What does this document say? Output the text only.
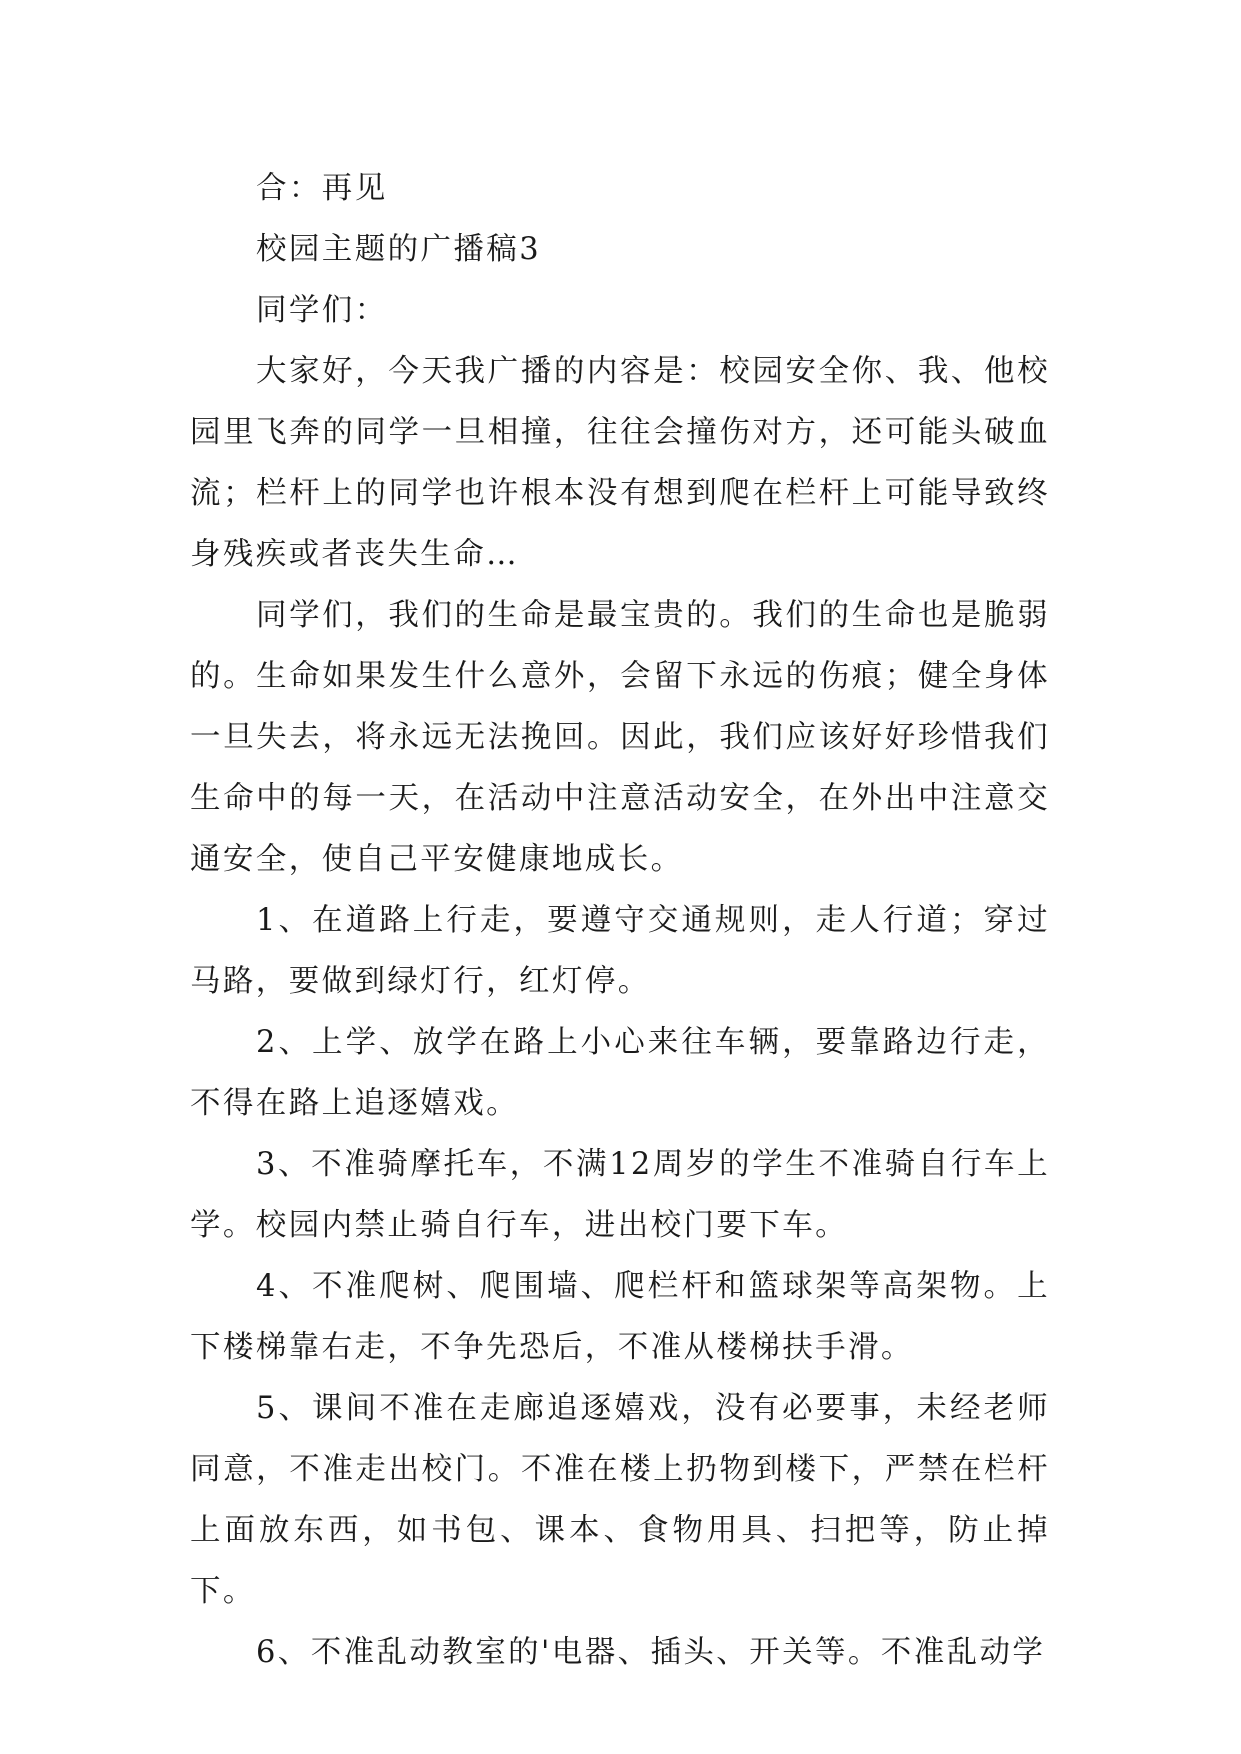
合：再见

校园主题的广播稿3

同学们：

大家好，今天我广播的内容是：校园安全你、我、他校园里飞奔的同学一旦相撞，往往会撞伤对方，还可能头破血流；栏杆上的同学也许根本没有想到爬在栏杆上可能导致终身残疾或者丧失生命…

同学们，我们的生命是最宝贵的。我们的生命也是脆弱的。生命如果发生什么意外，会留下永远的伤痕；健全身体一旦失去，将永远无法挽回。因此，我们应该好好珍惜我们生命中的每一天，在活动中注意活动安全，在外出中注意交通安全，使自己平安健康地成长。

1、在道路上行走，要遵守交通规则，走人行道；穿过马路，要做到绿灯行，红灯停。

2、上学、放学在路上小心来往车辆，要靠路边行走，不得在路上追逐嬉戏。

3、不准骑摩托车，不满12周岁的学生不准骑自行车上学。校园内禁止骑自行车，进出校门要下车。

4、不准爬树、爬围墙、爬栏杆和篮球架等高架物。上下楼梯靠右走，不争先恐后，不准从楼梯扶手滑。

5、课间不准在走廊追逐嬉戏，没有必要事，未经老师同意，不准走出校门。不准在楼上扔物到楼下，严禁在栏杆上面放东西，如书包、课本、食物用具、扫把等，防止掉下。

6、不准乱动教室的'电器、插头、开关等。不准乱动学
